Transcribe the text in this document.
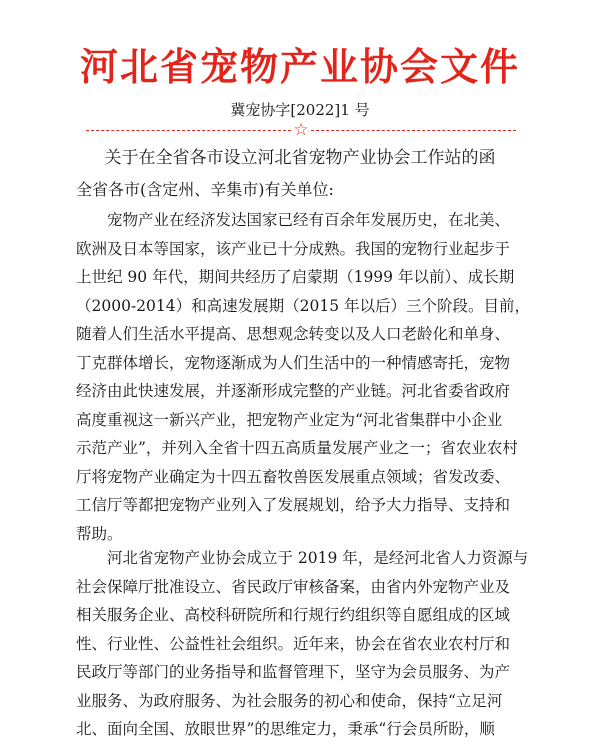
河北省宠物产业协会文件
冀宠协字[2022]1 号
☆
关于在全省各市设立河北省宠物产业协会工作站的函
全省各市(含定州、辛集市)有关单位:
宠物产业在经济发达国家已经有百余年发展历史，在北美、
欧洲及日本等国家，该产业已十分成熟。我国的宠物行业起步于
上世纪 90 年代，期间共经历了启蒙期（1999 年以前）、成长期
（2000-2014）和高速发展期（2015 年以后）三个阶段。目前，
随着人们生活水平提高、思想观念转变以及人口老龄化和单身、
丁克群体增长，宠物逐渐成为人们生活中的一种情感寄托，宠物
经济由此快速发展，并逐渐形成完整的产业链。河北省委省政府
高度重视这一新兴产业，把宠物产业定为“河北省集群中小企业
示范产业”，并列入全省十四五高质量发展产业之一；省农业农村
厅将宠物产业确定为十四五畜牧兽医发展重点领域；省发改委、
工信厅等都把宠物产业列入了发展规划，给予大力指导、支持和
帮助。
河北省宠物产业协会成立于 2019 年，是经河北省人力资源与
社会保障厅批准设立、省民政厅审核备案，由省内外宠物产业及
相关服务企业、高校科研院所和行规行约组织等自愿组成的区域
性、行业性、公益性社会组织。近年来，协会在省农业农村厅和
民政厅等部门的业务指导和监督管理下，坚守为会员服务、为产
业服务、为政府服务、为社会服务的初心和使命，保持“立足河
北、面向全国、放眼世界”的思维定力，秉承“行会员所盼，顺
